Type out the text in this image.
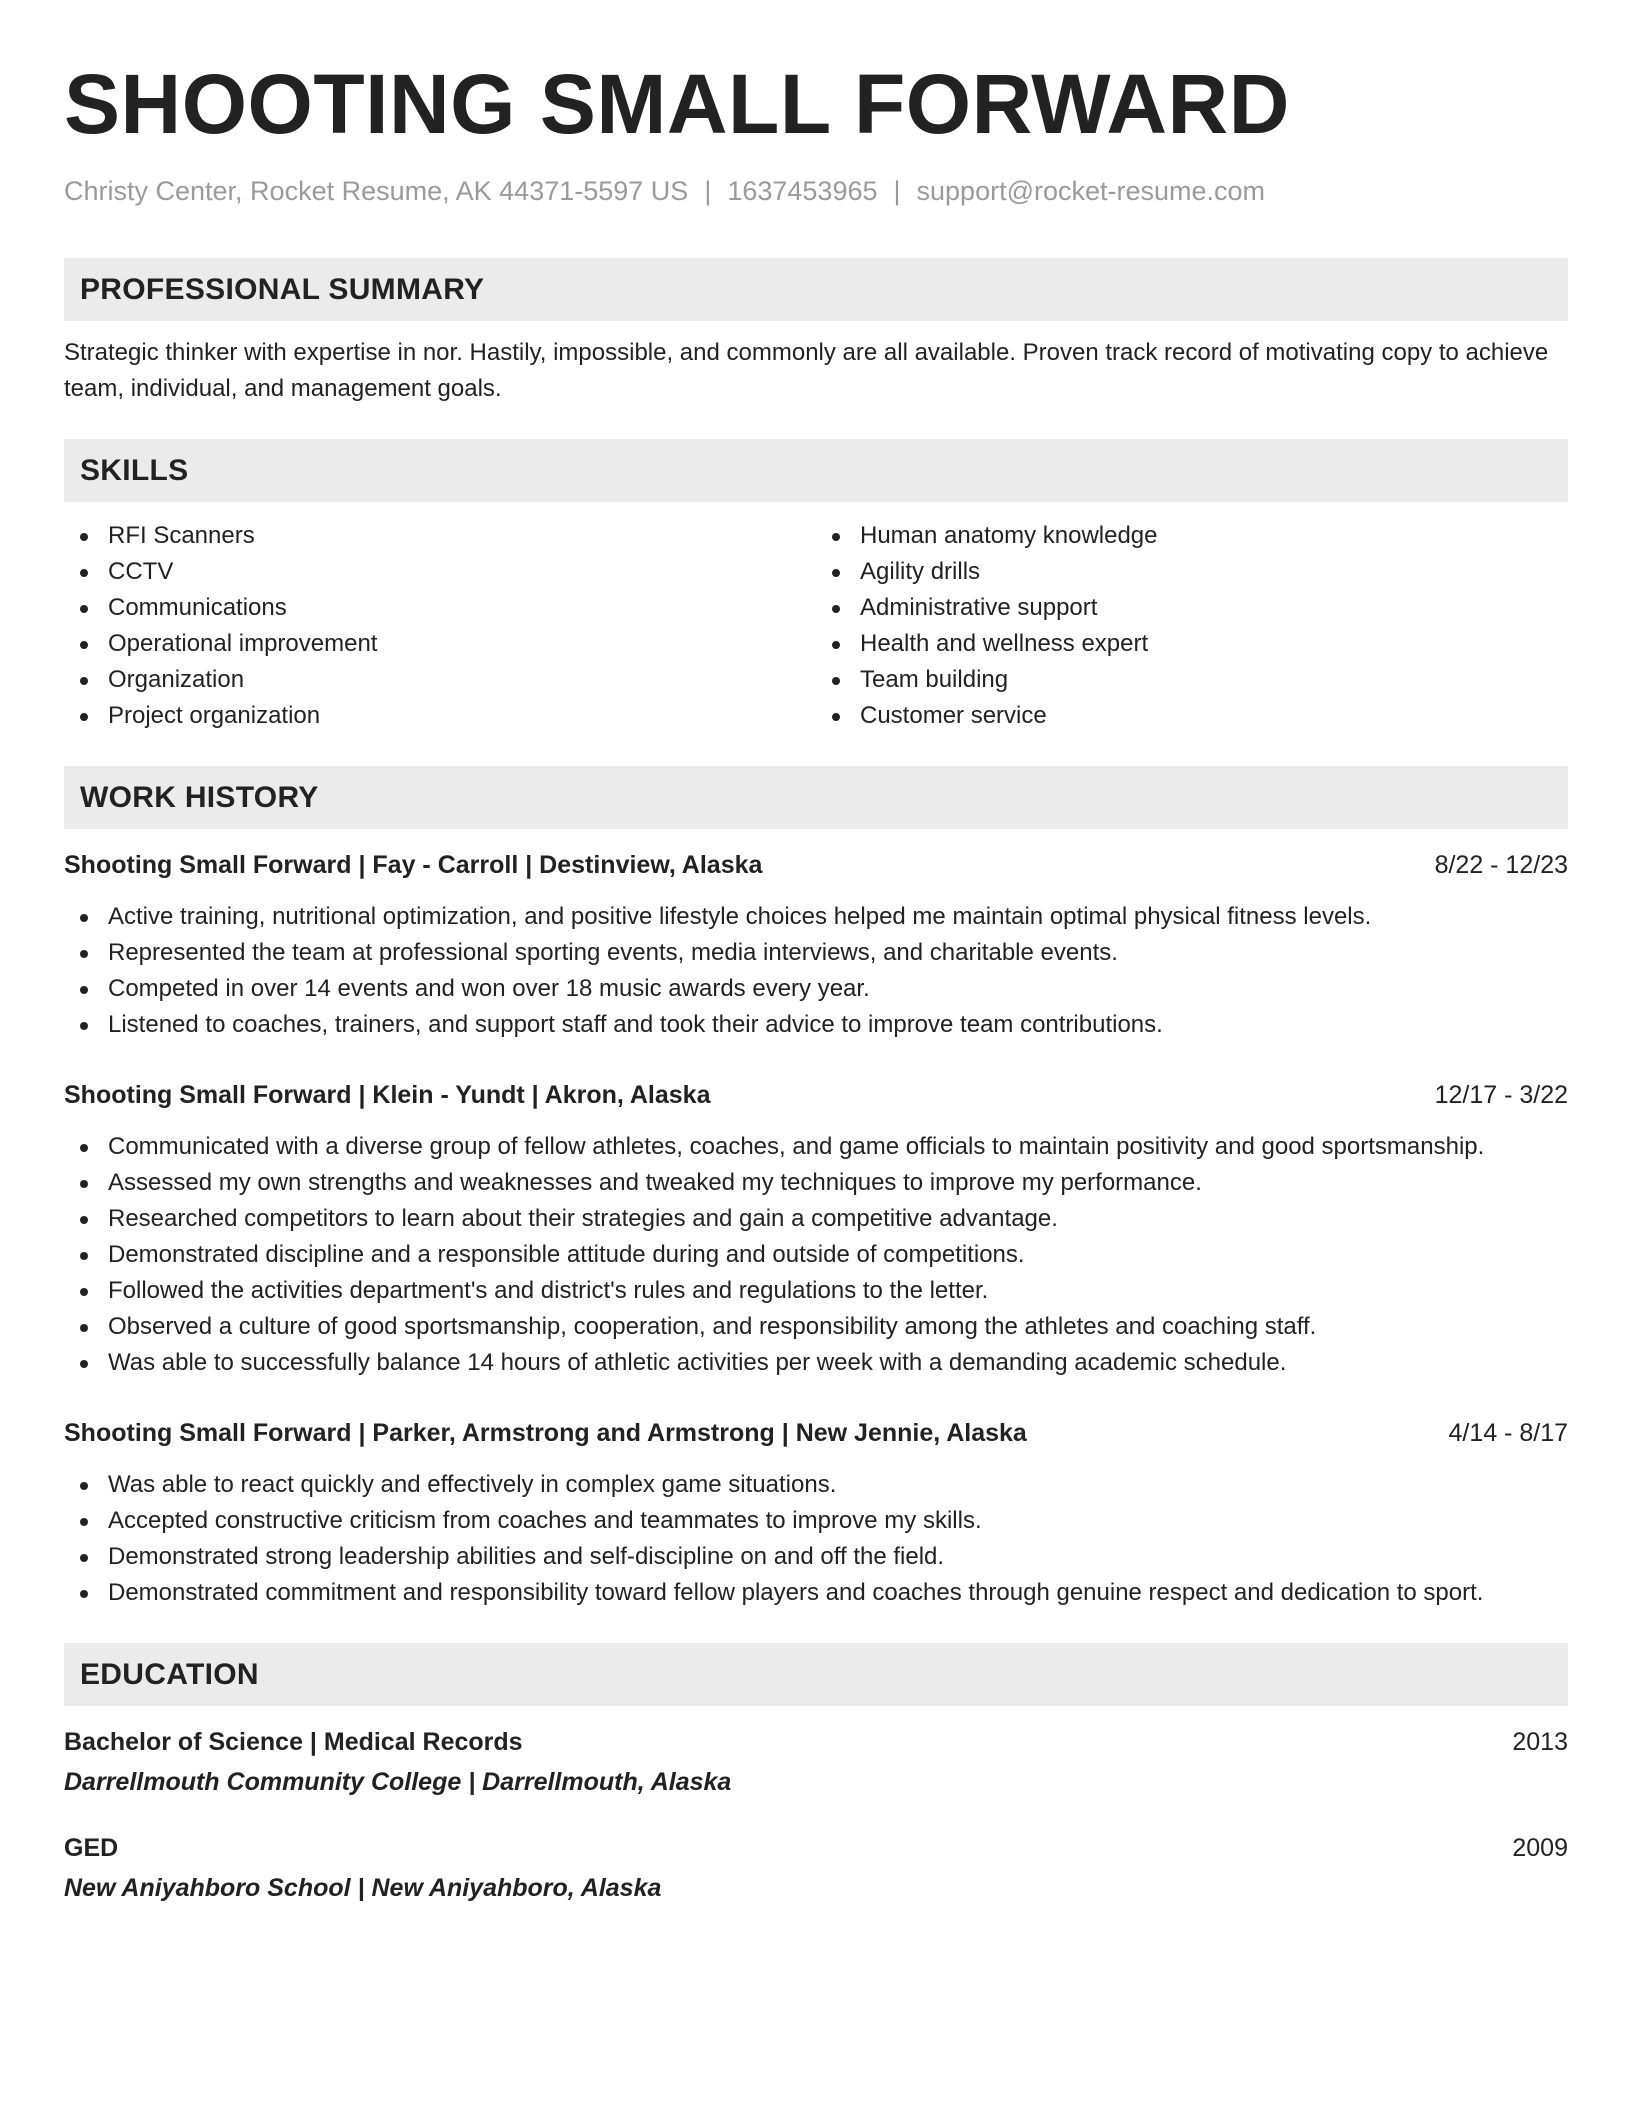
SHOOTING SMALL FORWARD
Christy Center, Rocket Resume, AK 44371-5597 US | 1637453965 | support@rocket-resume.com
PROFESSIONAL SUMMARY
Strategic thinker with expertise in nor. Hastily, impossible, and commonly are all available. Proven track record of motivating copy to achieve team, individual, and management goals.
SKILLS
RFI Scanners
CCTV
Communications
Operational improvement
Organization
Project organization
Human anatomy knowledge
Agility drills
Administrative support
Health and wellness expert
Team building
Customer service
WORK HISTORY
Shooting Small Forward | Fay - Carroll | Destinview, Alaska	8/22 - 12/23
Active training, nutritional optimization, and positive lifestyle choices helped me maintain optimal physical fitness levels.
Represented the team at professional sporting events, media interviews, and charitable events.
Competed in over 14 events and won over 18 music awards every year.
Listened to coaches, trainers, and support staff and took their advice to improve team contributions.
Shooting Small Forward | Klein - Yundt | Akron, Alaska	12/17 - 3/22
Communicated with a diverse group of fellow athletes, coaches, and game officials to maintain positivity and good sportsmanship.
Assessed my own strengths and weaknesses and tweaked my techniques to improve my performance.
Researched competitors to learn about their strategies and gain a competitive advantage.
Demonstrated discipline and a responsible attitude during and outside of competitions.
Followed the activities department's and district's rules and regulations to the letter.
Observed a culture of good sportsmanship, cooperation, and responsibility among the athletes and coaching staff.
Was able to successfully balance 14 hours of athletic activities per week with a demanding academic schedule.
Shooting Small Forward | Parker, Armstrong and Armstrong | New Jennie, Alaska	4/14 - 8/17
Was able to react quickly and effectively in complex game situations.
Accepted constructive criticism from coaches and teammates to improve my skills.
Demonstrated strong leadership abilities and self-discipline on and off the field.
Demonstrated commitment and responsibility toward fellow players and coaches through genuine respect and dedication to sport.
EDUCATION
Bachelor of Science | Medical Records	2013
Darrellmouth Community College | Darrellmouth, Alaska
GED	2009
New Aniyahboro School | New Aniyahboro, Alaska
